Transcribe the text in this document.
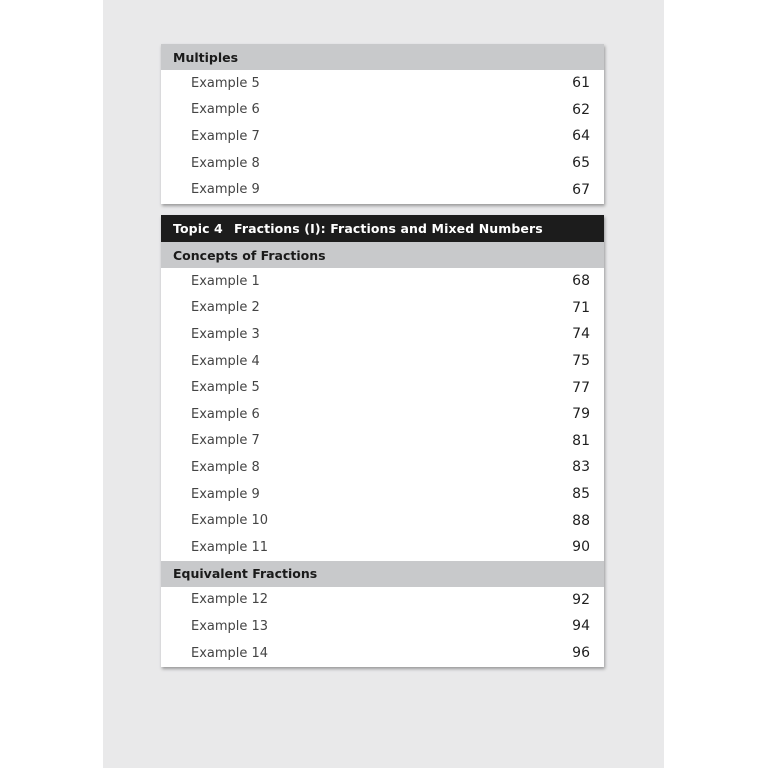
Multiples
Example 5	61
Example 6	62
Example 7	64
Example 8	65
Example 9	67
Topic 4 Fractions (I): Fractions and Mixed Numbers
Concepts of Fractions
Example 1	68
Example 2	71
Example 3	74
Example 4	75
Example 5	77
Example 6	79
Example 7	81
Example 8	83
Example 9	85
Example 10	88
Example 11	90
Equivalent Fractions
Example 12	92
Example 13	94
Example 14	96
